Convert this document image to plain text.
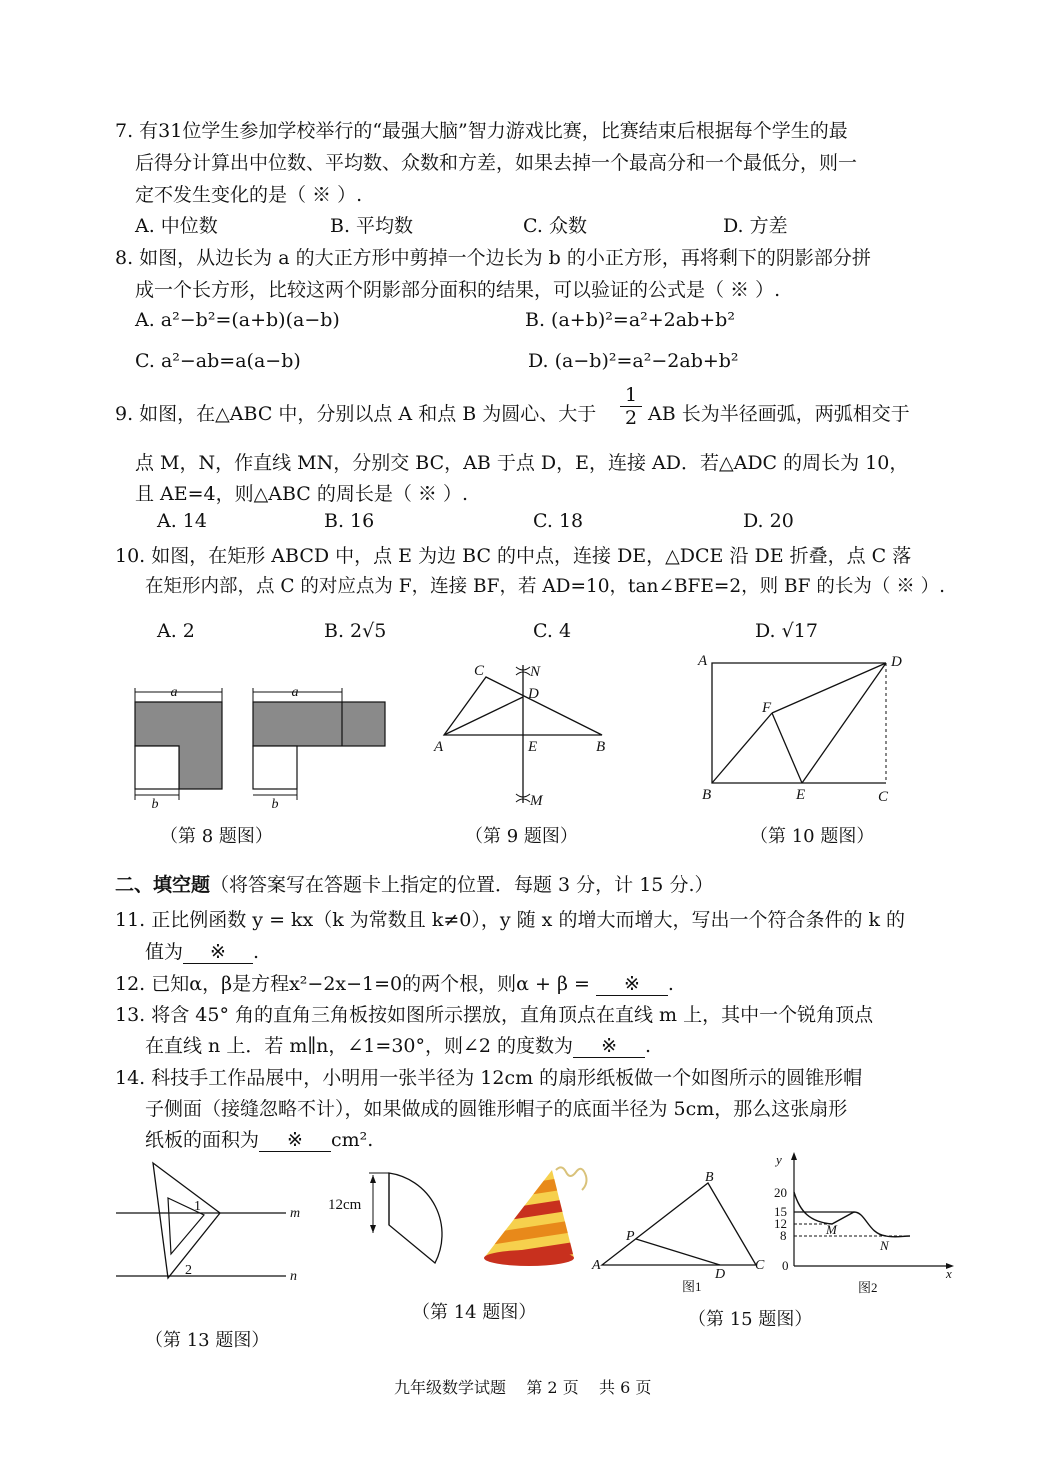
7. 有31位学生参加学校举行的“最强大脑”智力游戏比赛，比赛结束后根据每个学生的最
后得分计算出中位数、平均数、众数和方差，如果去掉一个最高分和一个最低分，则一
定不发生变化的是（ ※ ）.
A. 中位数	B. 平均数	C. 众数	D. 方差
8. 如图，从边长为 a 的大正方形中剪掉一个边长为 b 的小正方形，再将剩下的阴影部分拼
成一个长方形，比较这两个阴影部分面积的结果，可以验证的公式是（ ※ ）.
A. a²−b²=(a+b)(a−b)	B. (a+b)²=a²+2ab+b²
C. a²−ab=a(a−b)	D. (a−b)²=a²−2ab+b²
9. 如图，在△ABC 中，分别以点 A 和点 B 为圆心、大于 $\frac{1}{2}$ AB 长为半径画弧，两弧相交于
点 M，N，作直线 MN，分别交 BC，AB 于点 D，E，连接 AD．若△ADC 的周长为 10，
且 AE=4，则△ABC 的周长是（ ※ ）.
A. 14	B. 16	C. 18	D. 20
10. 如图，在矩形 ABCD 中，点 E 为边 BC 的中点，连接 DE，△DCE 沿 DE 折叠，点 C 落
在矩形内部，点 C 的对应点为 F，连接 BF，若 AD=10，tan∠BFE=2，则 BF 的长为（ ※ ）.
A. 2	B. 2√5	C. 4	D. √17
a
b
a
b
（第 8 题图）
C	N
D
A	E	B
M
（第 9 题图）
A	D
F
B	E	C
（第 10 题图）
二、填空题（将答案写在答题卡上指定的位置．每题 3 分，计 15 分.）
11. 正比例函数 y = kx（k 为常数且 k≠0），y 随 x 的增大而增大，写出一个符合条件的 k 的
值为 ※ .
12. 已知α，β是方程x²−2x−1=0的两个根，则α + β = ※ .
13. 将含 45° 角的直角三角板按如图所示摆放，直角顶点在直线 m 上，其中一个锐角顶点
在直线 n 上．若 m∥n，∠1=30°，则∠2 的度数为 ※ .
14. 科技手工作品展中，小明用一张半径为 12cm 的扇形纸板做一个如图所示的圆锥形帽
子侧面（接缝忽略不计），如果做成的圆锥形帽子的底面半径为 5cm，那么这张扇形
纸板的面积为 ※ cm².
1
2
m
n
（第 13 题图）
12cm
（第 14 题图）
B
P
A
D
C
图1
y
20
15
12
8
0
M
N
x
图2
（第 15 题图）
九年级数学试题    第 2 页    共 6 页
